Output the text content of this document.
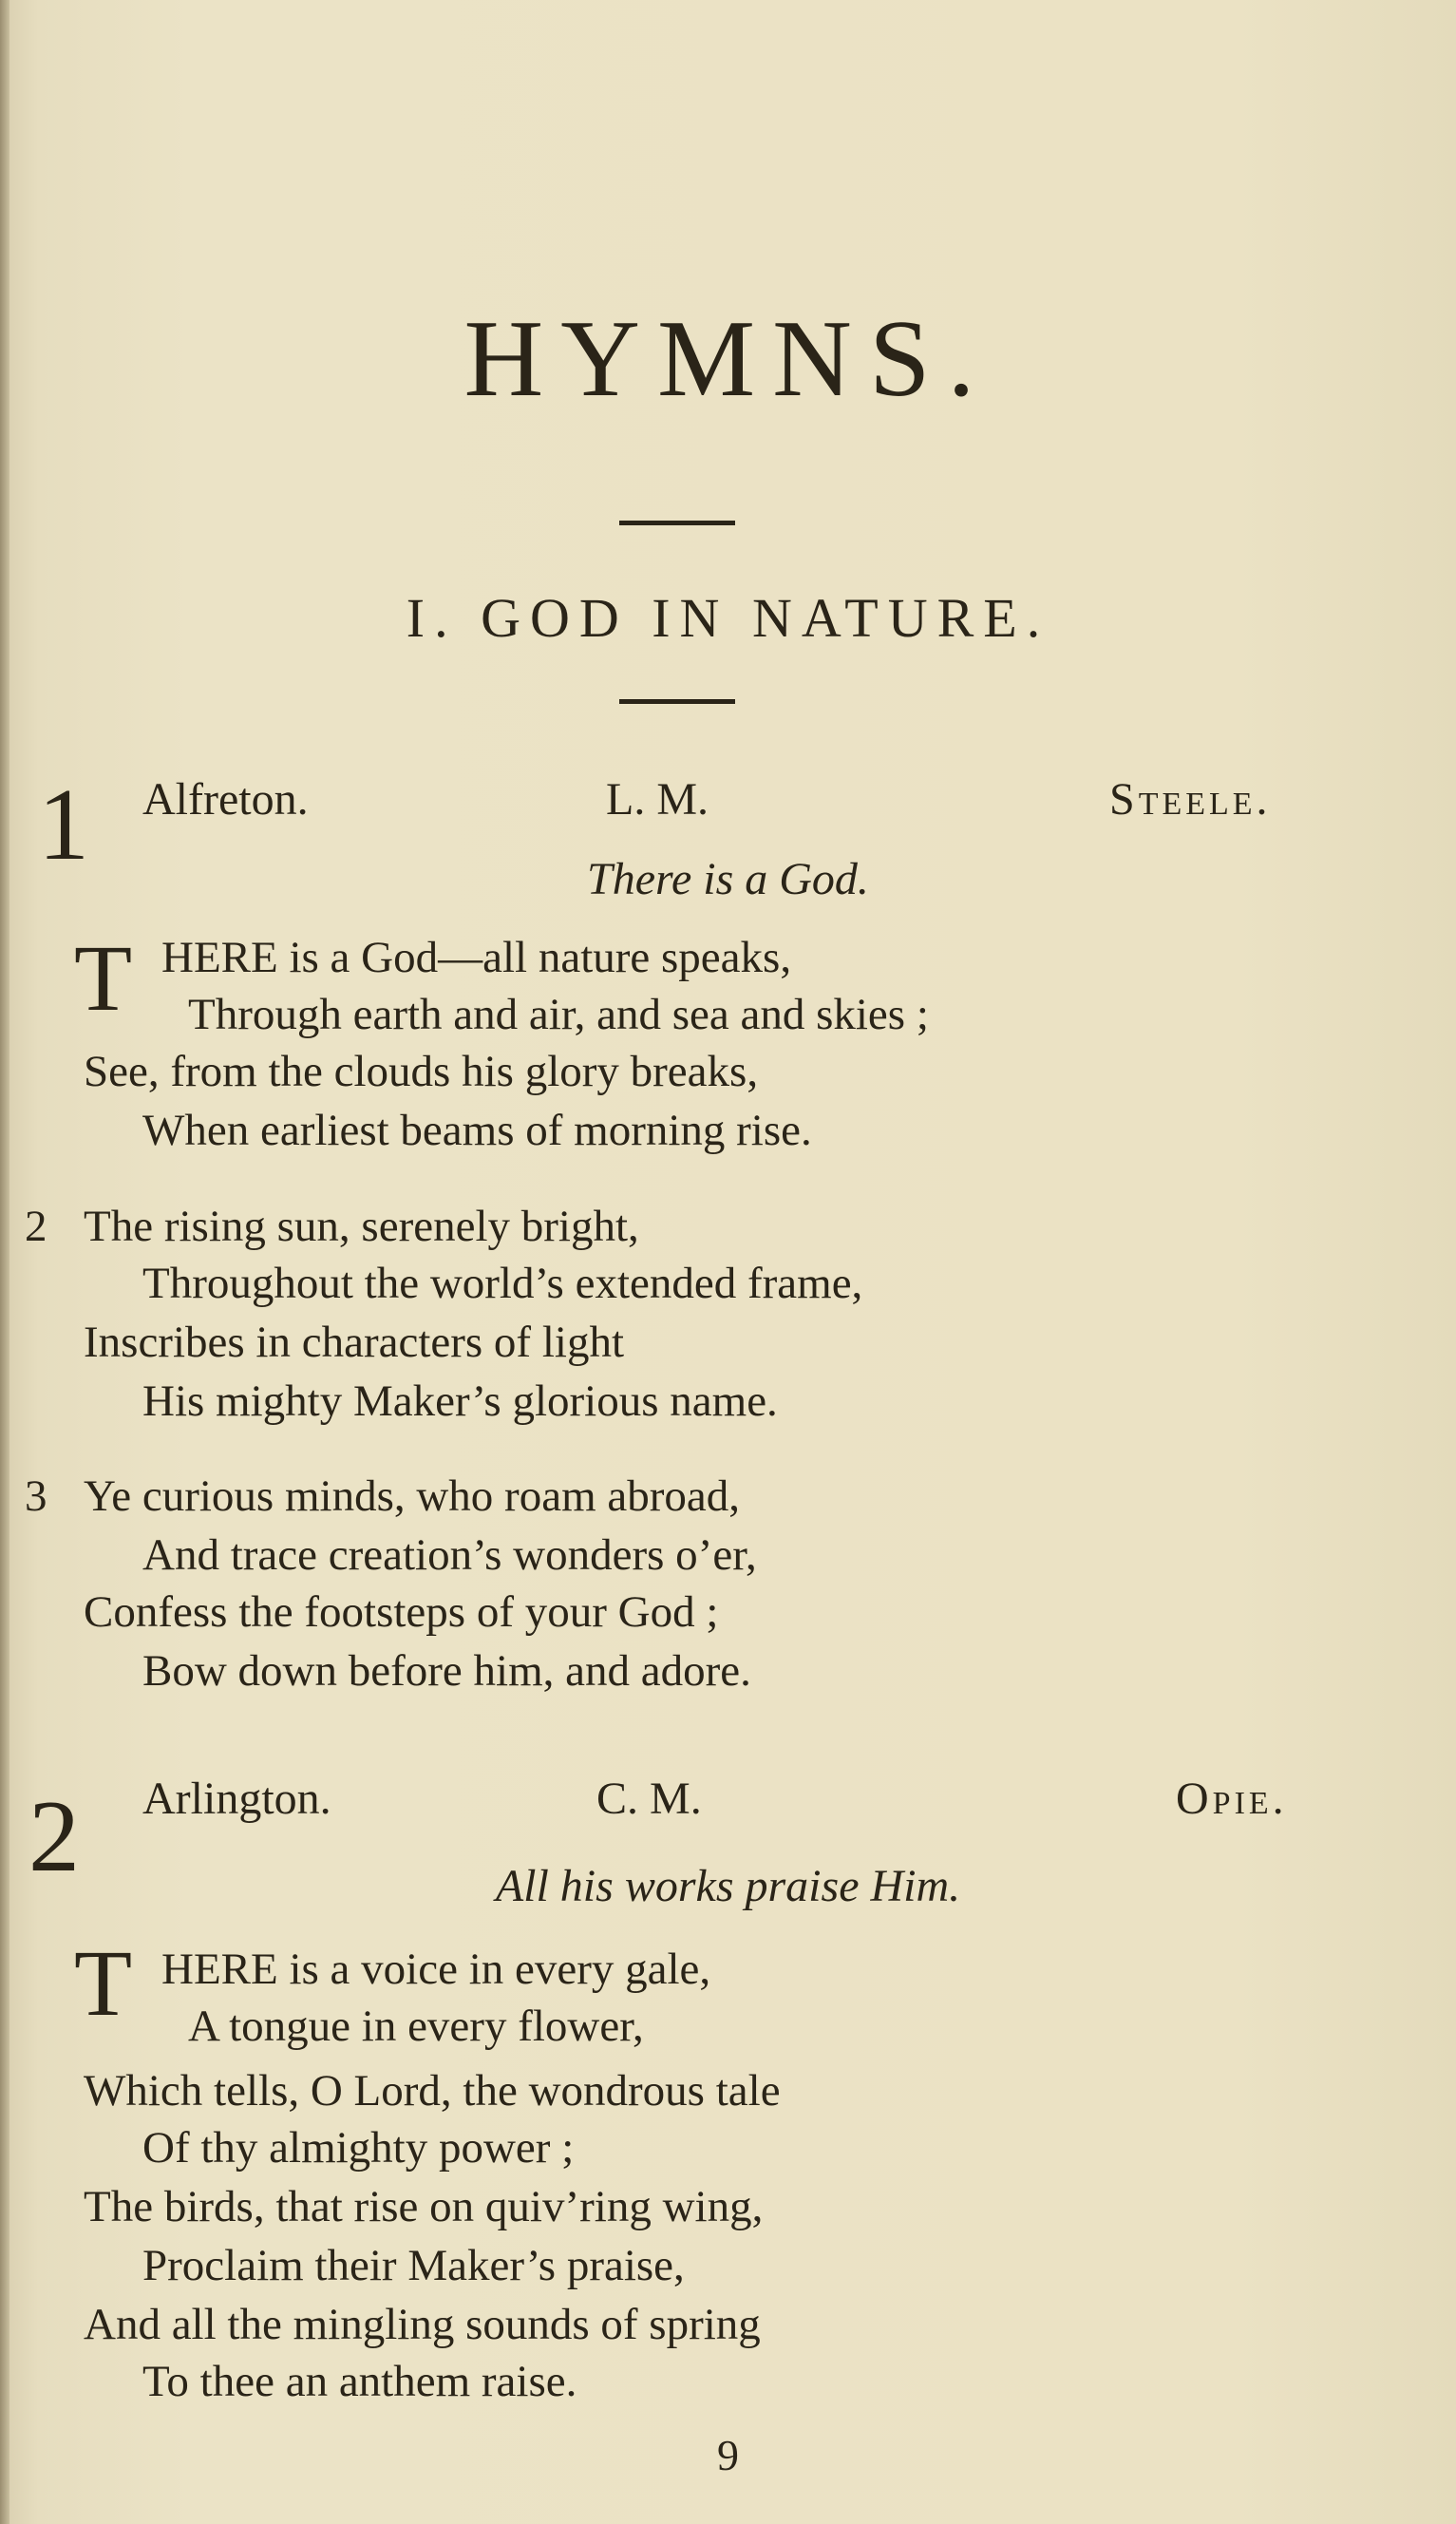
HYMNS.
I. GOD IN NATURE.
1 Alfreton.	L. M.	Steele.
There is a God.
T HERE is a God—all nature speaks,
Through earth and air, and sea and skies ;
See, from the clouds his glory breaks,
When earliest beams of morning rise.
2 The rising sun, serenely bright,
Throughout the world’s extended frame,
Inscribes in characters of light
His mighty Maker’s glorious name.
3 Ye curious minds, who roam abroad,
And trace creation’s wonders o’er,
Confess the footsteps of your God ;
Bow down before him, and adore.
2 Arlington.	C. M.	Opie.
All his works praise Him.
T HERE is a voice in every gale,
A tongue in every flower,
Which tells, O Lord, the wondrous tale
Of thy almighty power ;
The birds, that rise on quiv’ring wing,
Proclaim their Maker’s praise,
And all the mingling sounds of spring
To thee an anthem raise.
9
